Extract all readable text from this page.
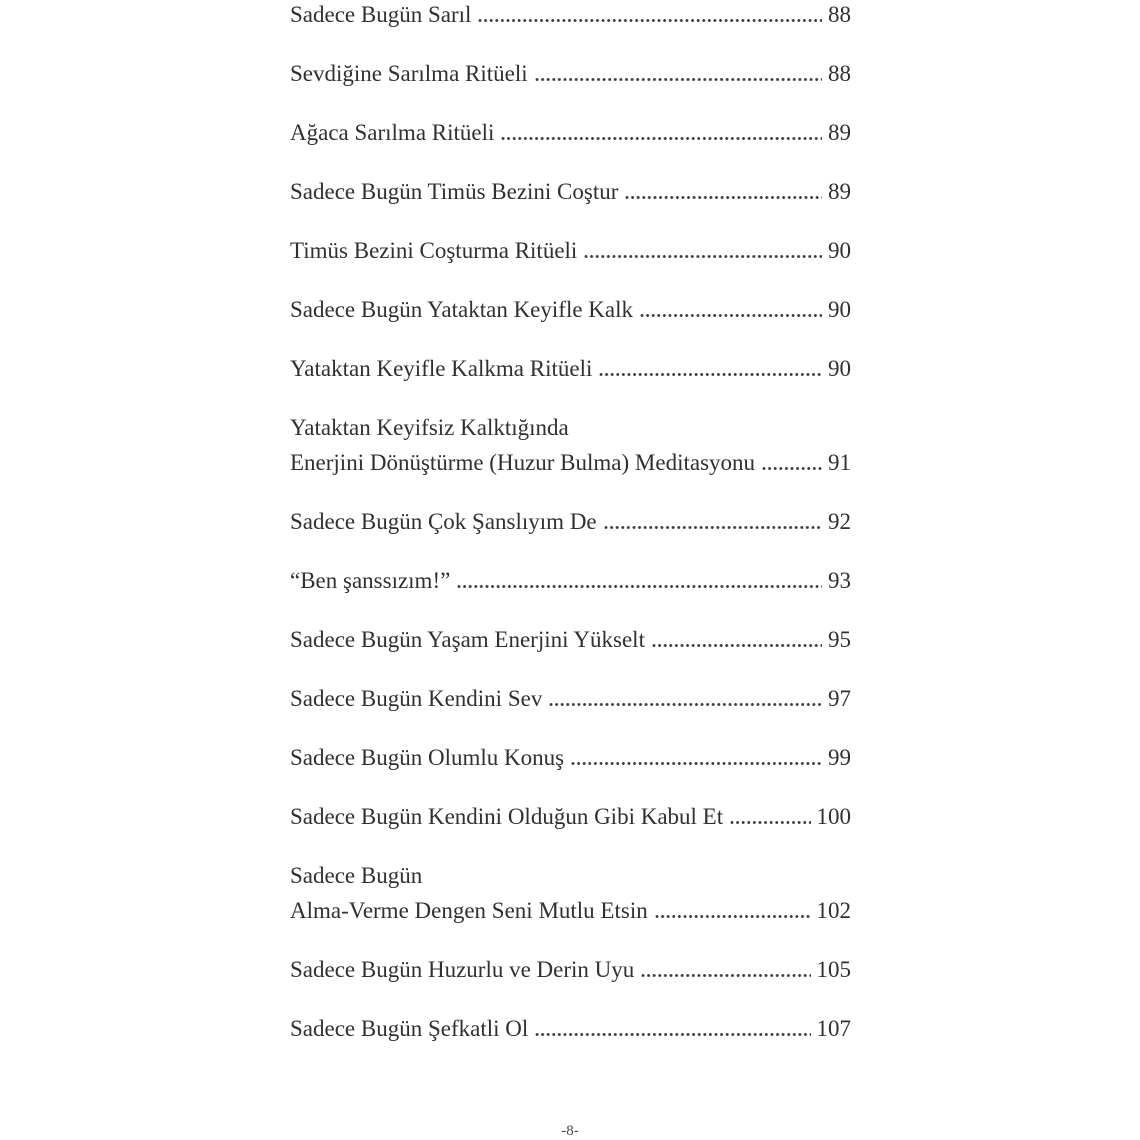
Sadece Bugün Sarıl	88
Sevdiğine Sarılma Ritüeli	88
Ağaca Sarılma Ritüeli	89
Sadece Bugün Timüs Bezini Coştur	89
Timüs Bezini Coşturma Ritüeli	90
Sadece Bugün Yataktan Keyifle Kalk	90
Yataktan Keyifle Kalkma Ritüeli	90
Yataktan Keyifsiz Kalktığında
Enerjini Dönüştürme (Huzur Bulma) Meditasyonu	91
Sadece Bugün Çok Şanslıyım De	92
“Ben şanssızım!”	93
Sadece Bugün Yaşam Enerjini Yükselt	95
Sadece Bugün Kendini Sev	97
Sadece Bugün Olumlu Konuş	99
Sadece Bugün Kendini Olduğun Gibi Kabul Et	100
Sadece Bugün
Alma-Verme Dengen Seni Mutlu Etsin	102
Sadece Bugün Huzurlu ve Derin Uyu	105
Sadece Bugün Şefkatli Ol	107
-8-
